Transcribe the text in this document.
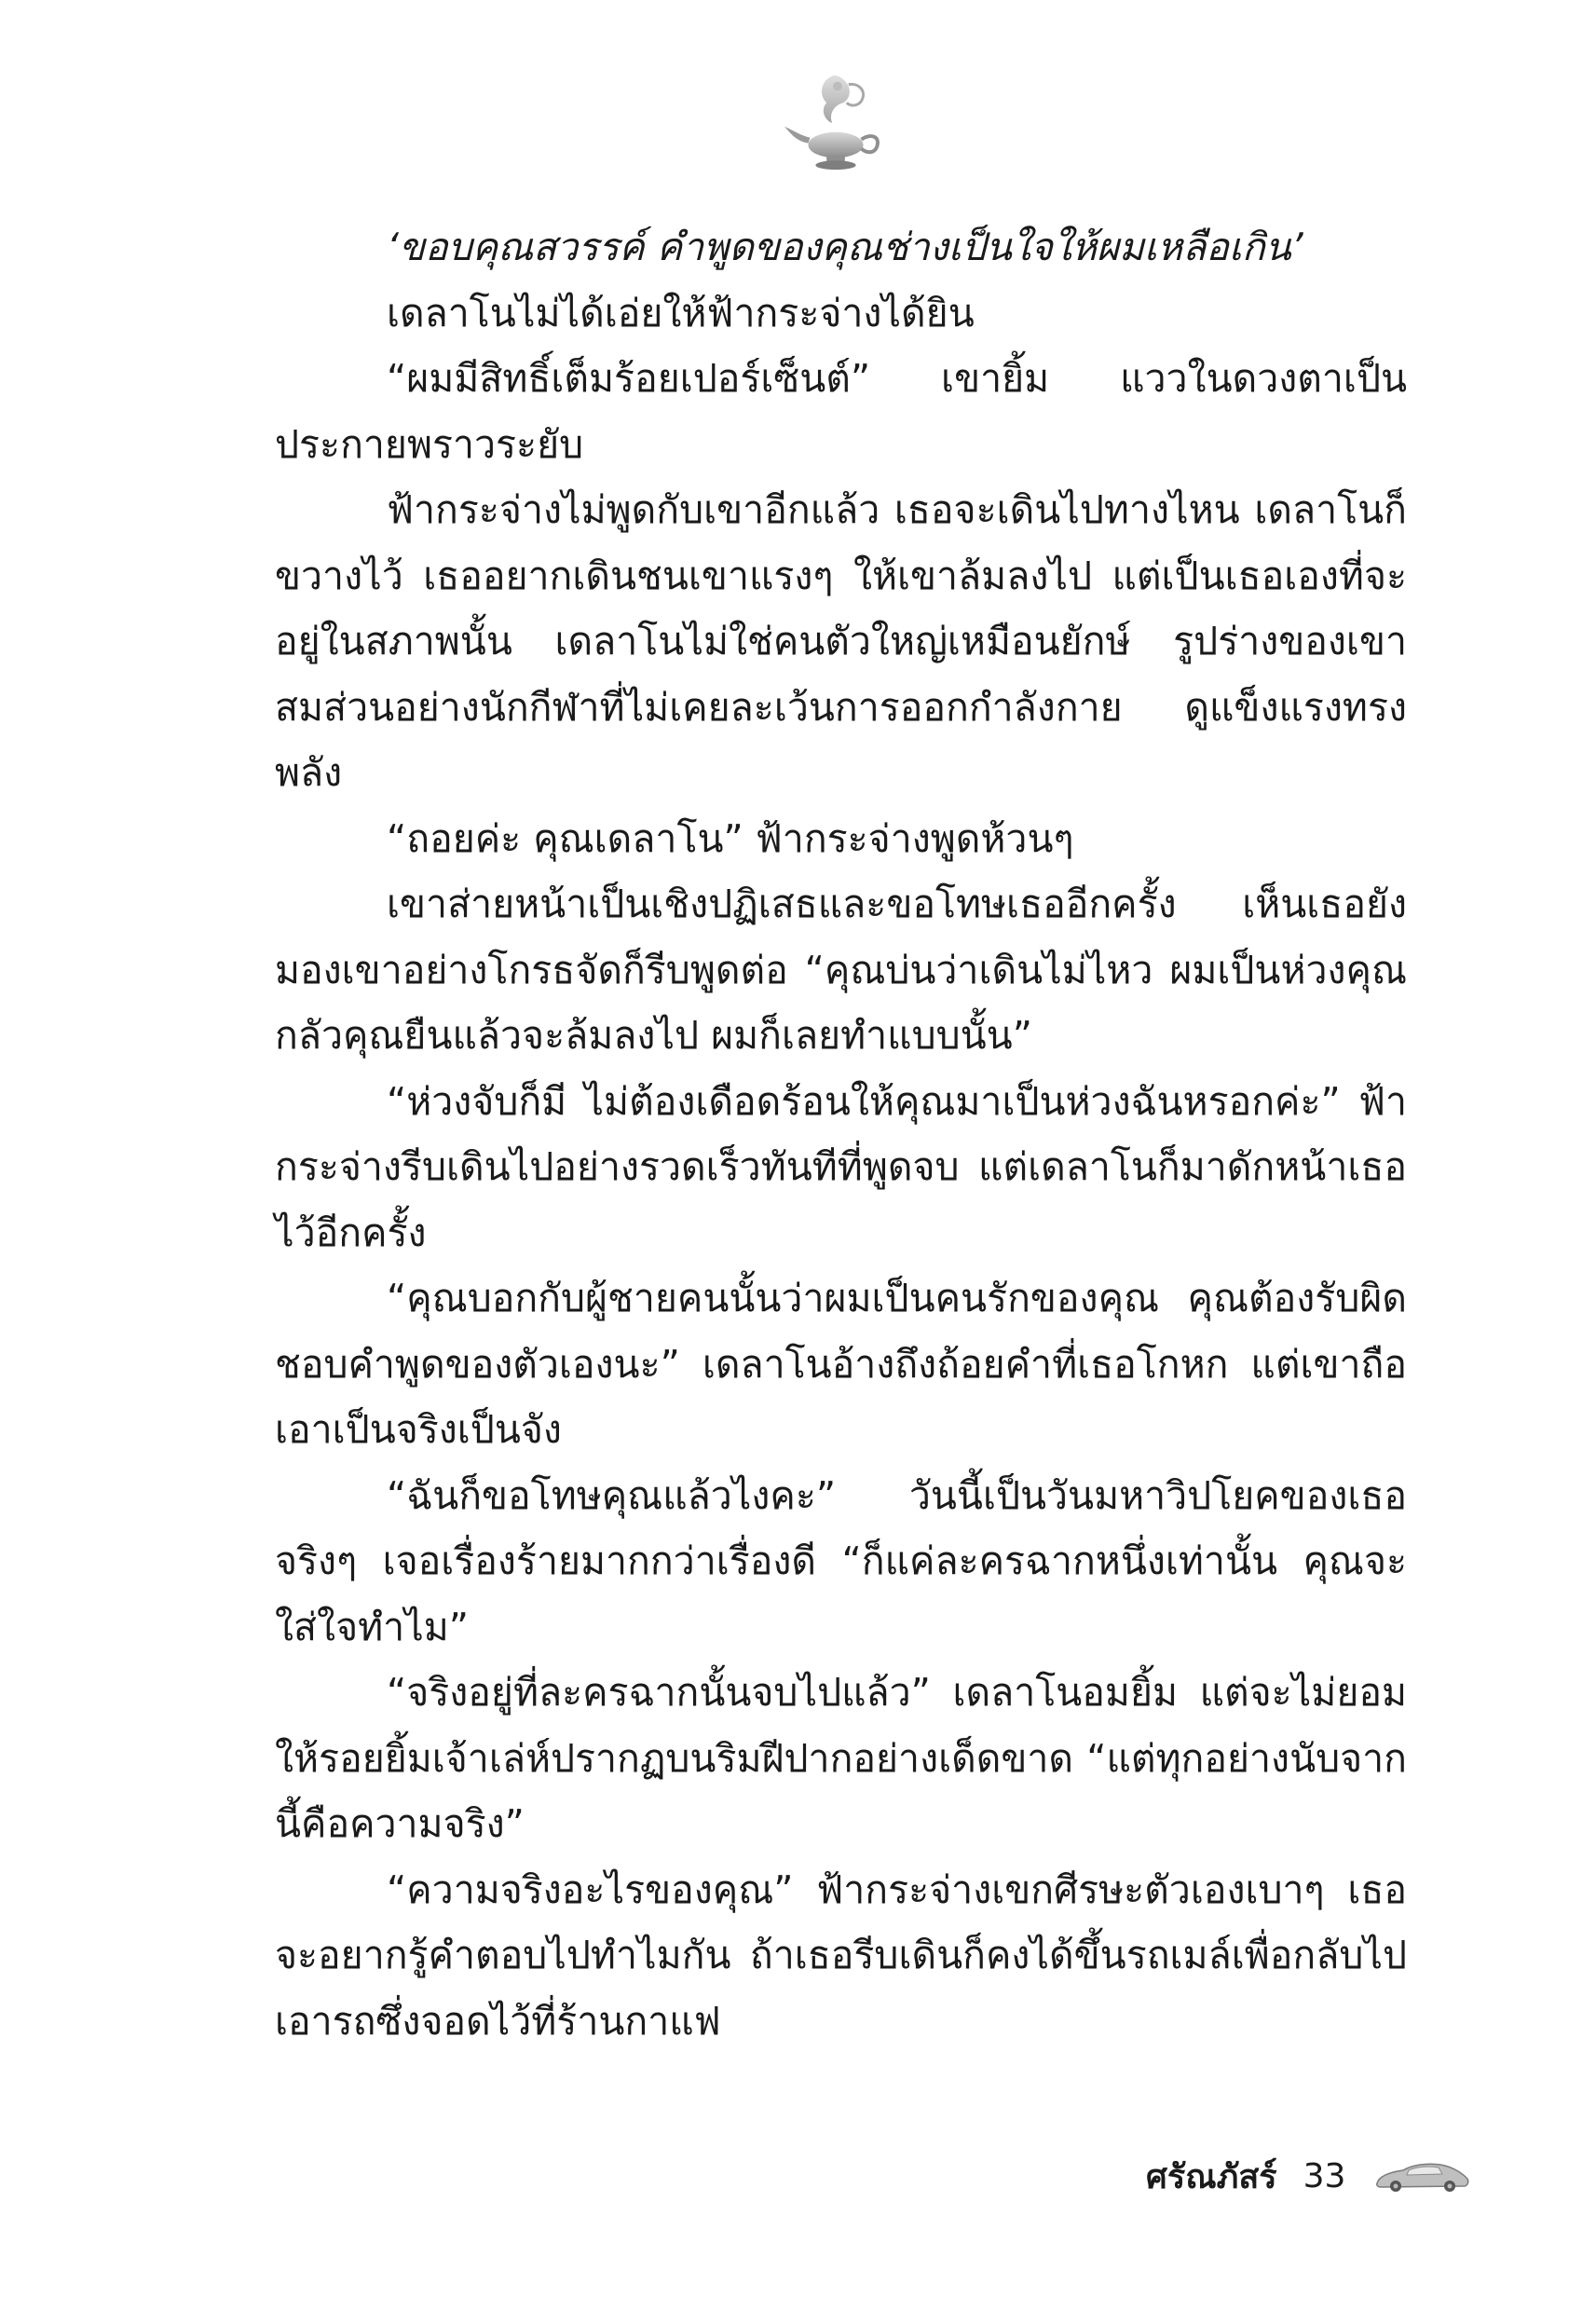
‘ขอบคุณสวรรค์ คำพูดของคุณช่างเป็นใจให้ผมเหลือเกิน’

เดลาโนไม่ได้เอ่ยให้ฟ้ากระจ่างได้ยิน

“ผมมีสิทธิ์เต็มร้อยเปอร์เซ็นต์” เขายิ้ม แววในดวงตาเป็นประกายพราวระยับ

ฟ้ากระจ่างไม่พูดกับเขาอีกแล้ว เธอจะเดินไปทางไหน เดลาโนก็ขวางไว้ เธออยากเดินชนเขาแรงๆ ให้เขาล้มลงไป แต่เป็นเธอเองที่จะอยู่ในสภาพนั้น เดลาโนไม่ใช่คนตัวใหญ่เหมือนยักษ์ รูปร่างของเขาสมส่วนอย่างนักกีฬาที่ไม่เคยละเว้นการออกกำลังกาย ดูแข็งแรงทรงพลัง

“ถอยค่ะ คุณเดลาโน” ฟ้ากระจ่างพูดห้วนๆ

เขาส่ายหน้าเป็นเชิงปฏิเสธและขอโทษเธออีกครั้ง เห็นเธอยังมองเขาอย่างโกรธจัดก็รีบพูดต่อ “คุณบ่นว่าเดินไม่ไหว ผมเป็นห่วงคุณกลัวคุณยืนแล้วจะล้มลงไป ผมก็เลยทำแบบนั้น”

“ห่วงจับก็มี ไม่ต้องเดือดร้อนให้คุณมาเป็นห่วงฉันหรอกค่ะ” ฟ้ากระจ่างรีบเดินไปอย่างรวดเร็วทันทีที่พูดจบ แต่เดลาโนก็มาดักหน้าเธอไว้อีกครั้ง

“คุณบอกกับผู้ชายคนนั้นว่าผมเป็นคนรักของคุณ คุณต้องรับผิดชอบคำพูดของตัวเองนะ” เดลาโนอ้างถึงถ้อยคำที่เธอโกหก แต่เขาถือเอาเป็นจริงเป็นจัง

“ฉันก็ขอโทษคุณแล้วไงคะ” วันนี้เป็นวันมหาวิปโยคของเธอจริงๆ เจอเรื่องร้ายมากกว่าเรื่องดี “ก็แค่ละครฉากหนึ่งเท่านั้น คุณจะใส่ใจทำไม”

“จริงอยู่ที่ละครฉากนั้นจบไปแล้ว” เดลาโนอมยิ้ม แต่จะไม่ยอมให้รอยยิ้มเจ้าเล่ห์ปรากฏบนริมฝีปากอย่างเด็ดขาด “แต่ทุกอย่างนับจากนี้คือความจริง”

“ความจริงอะไรของคุณ” ฟ้ากระจ่างเขกศีรษะตัวเองเบาๆ เธอจะอยากรู้คำตอบไปทำไมกัน ถ้าเธอรีบเดินก็คงได้ขึ้นรถเมล์เพื่อกลับไปเอารถซึ่งจอดไว้ที่ร้านกาแฟ

ศรัณภัสร์ 33
